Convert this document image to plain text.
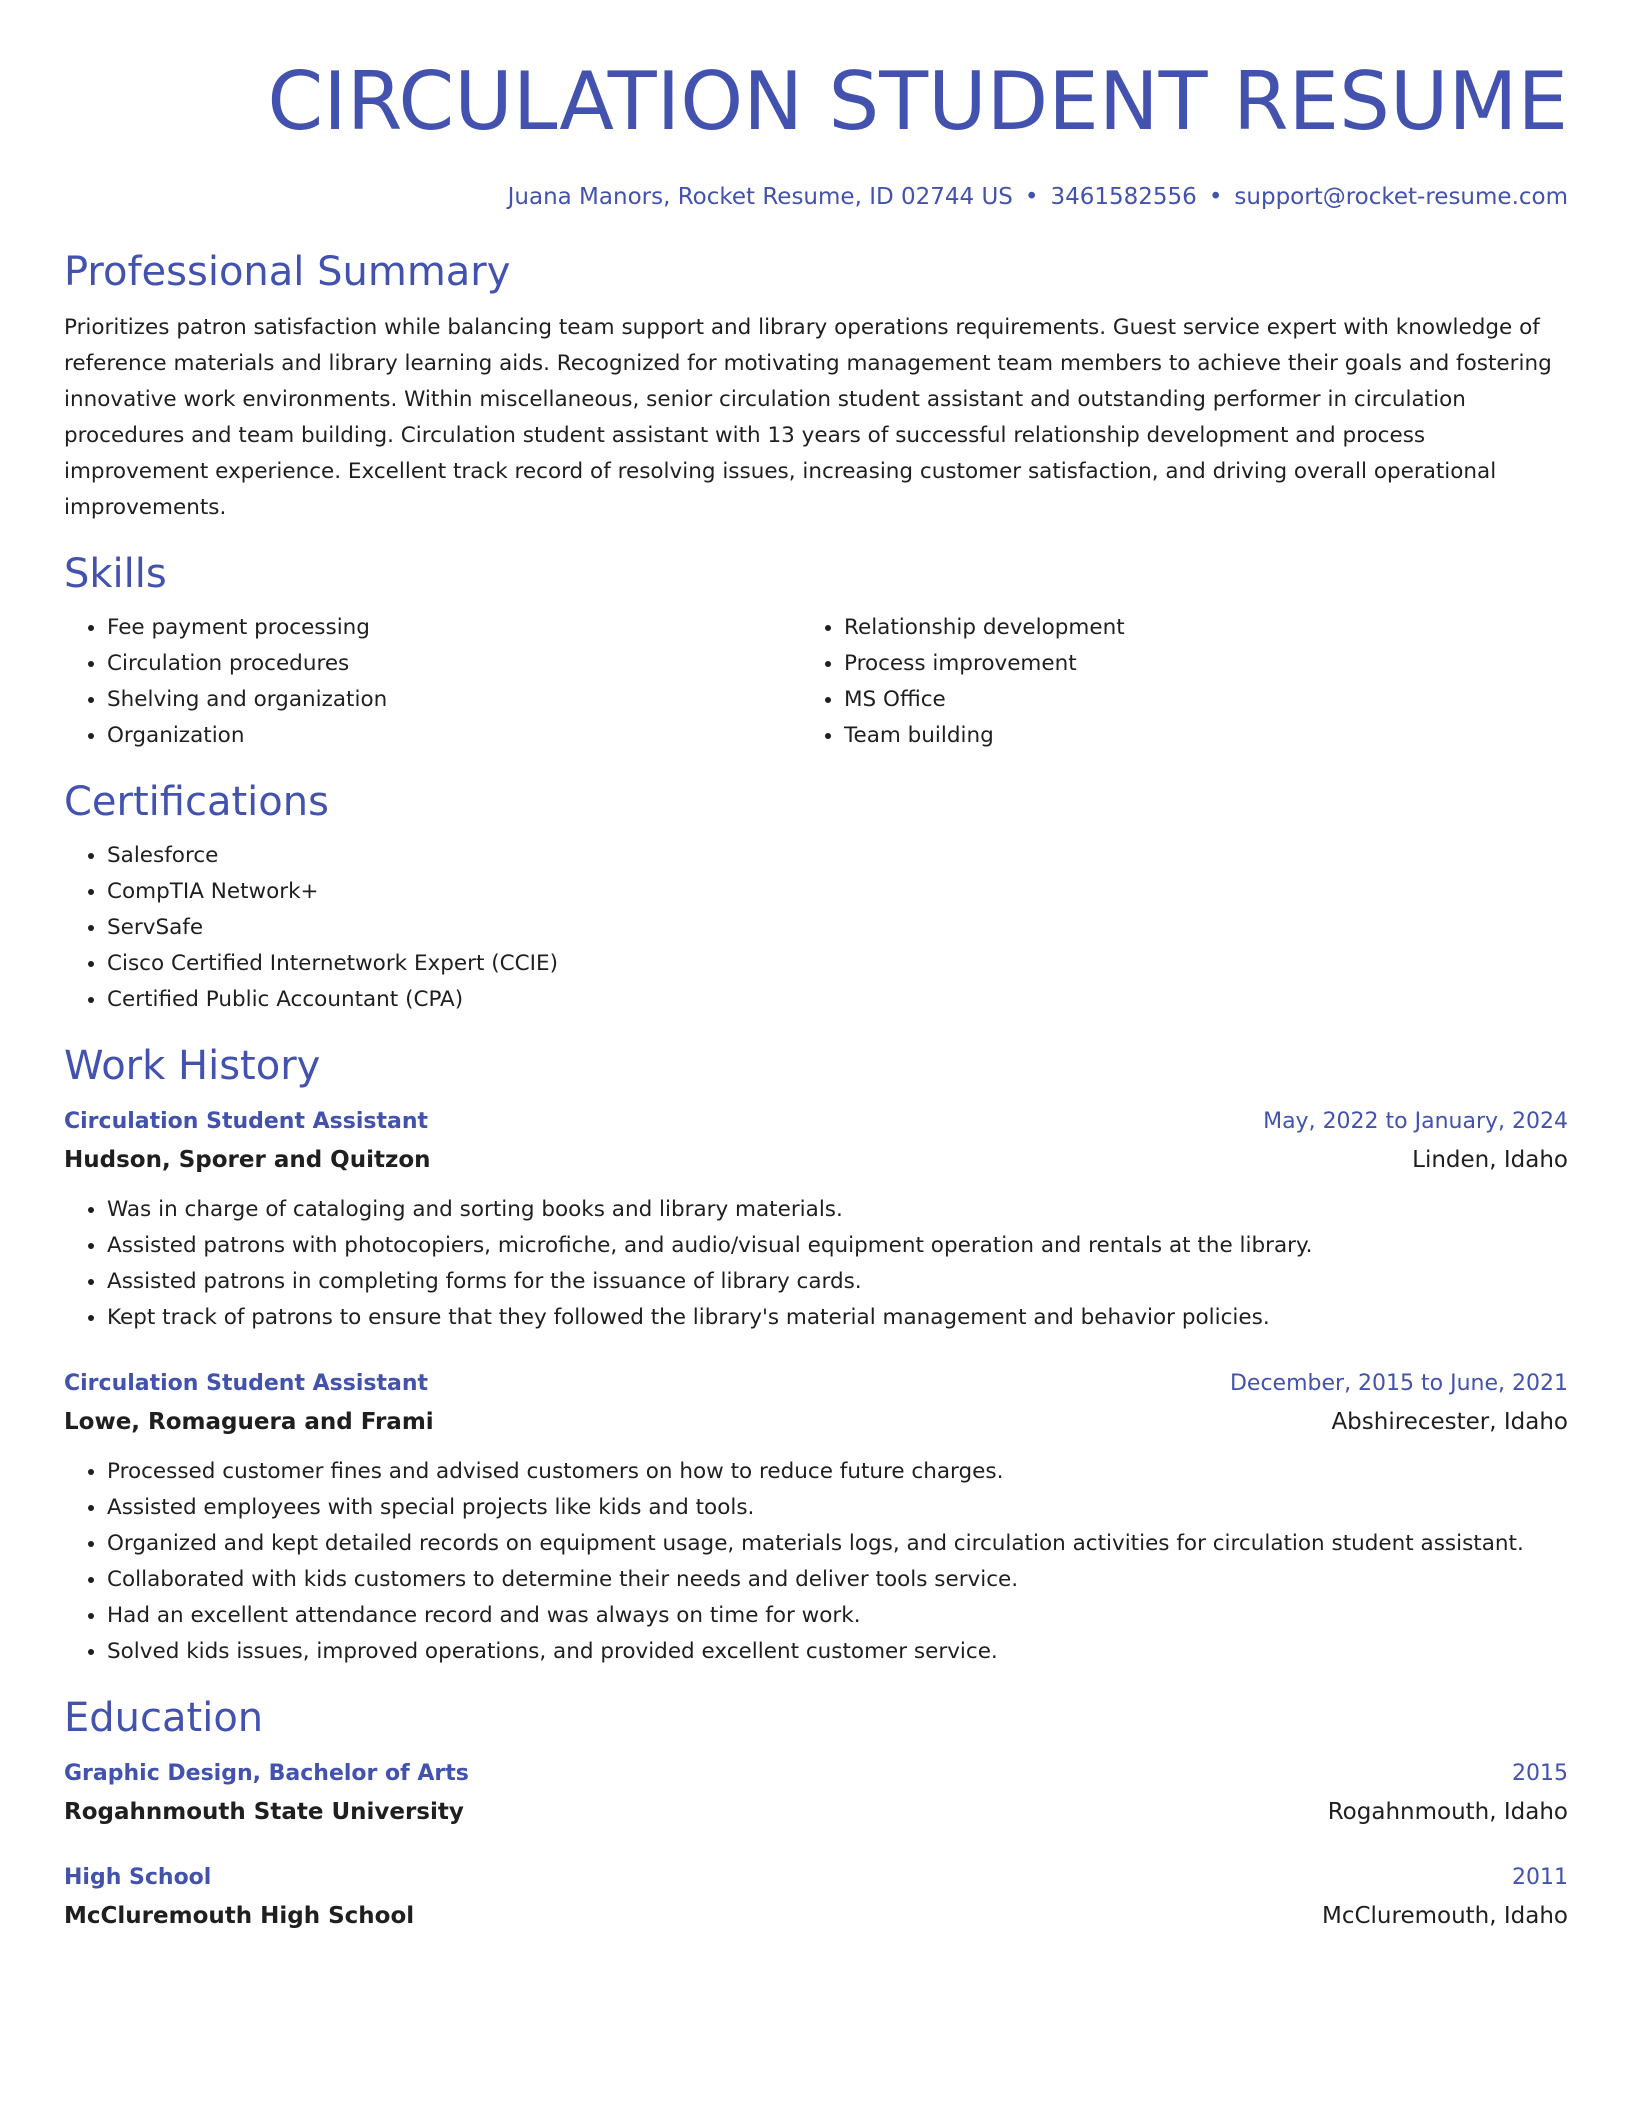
CIRCULATION STUDENT RESUME
Juana Manors, Rocket Resume, ID 02744 US • 3461582556 • support@rocket-resume.com
Professional Summary

Prioritizes patron satisfaction while balancing team support and library operations requirements. Guest service expert with knowledge of reference materials and library learning aids. Recognized for motivating management team members to achieve their goals and fostering innovative work environments. Within miscellaneous, senior circulation student assistant and outstanding performer in circulation procedures and team building. Circulation student assistant with 13 years of successful relationship development and process improvement experience. Excellent track record of resolving issues, increasing customer satisfaction, and driving overall operational improvements.

Skills
• Fee payment processing
• Circulation procedures
• Shelving and organization
• Organization
• Relationship development
• Process improvement
• MS Office
• Team building
Certifications
• Salesforce
• CompTIA Network+
• ServSafe
• Cisco Certified Internetwork Expert (CCIE)
• Certified Public Accountant (CPA)
Work History
Circulation Student Assistant	May, 2022 to January, 2024
Hudson, Sporer and Quitzon	Linden, Idaho
• Was in charge of cataloging and sorting books and library materials.
• Assisted patrons with photocopiers, microfiche, and audio/visual equipment operation and rentals at the library.
• Assisted patrons in completing forms for the issuance of library cards.
• Kept track of patrons to ensure that they followed the library's material management and behavior policies.
Circulation Student Assistant	December, 2015 to June, 2021
Lowe, Romaguera and Frami	Abshirecester, Idaho
• Processed customer fines and advised customers on how to reduce future charges.
• Assisted employees with special projects like kids and tools.
• Organized and kept detailed records on equipment usage, materials logs, and circulation activities for circulation student assistant.
• Collaborated with kids customers to determine their needs and deliver tools service.
• Had an excellent attendance record and was always on time for work.
• Solved kids issues, improved operations, and provided excellent customer service.
Education
Graphic Design, Bachelor of Arts	2015
Rogahnmouth State University	Rogahnmouth, Idaho
High School	2011
McCluremouth High School	McCluremouth, Idaho
